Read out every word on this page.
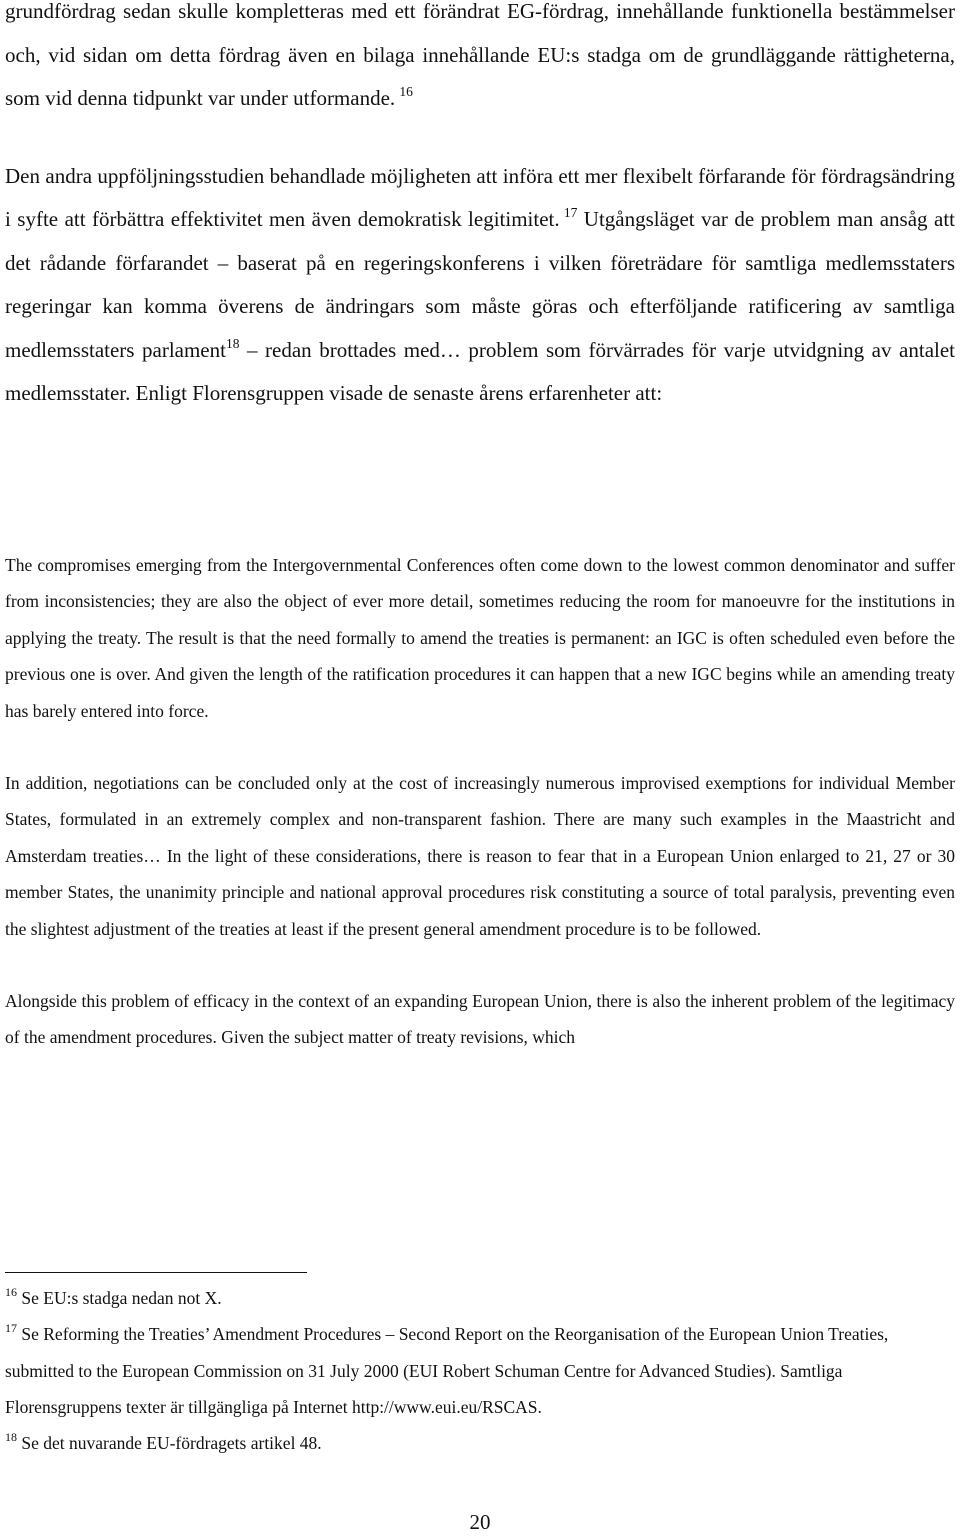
grundfördrag sedan skulle kompletteras med ett förändrat EG-fördrag, innehållande funktionella bestämmelser och, vid sidan om detta fördrag även en bilaga innehållande EU:s stadga om de grundläggande rättigheterna, som vid denna tidpunkt var under utformande.  $^{16}$

Den andra uppföljningsstudien behandlade möjligheten att införa ett mer flexibelt förfarande för fördragsändring i syfte att förbättra effektivitet men även demokratisk legitimitet.  $^{17}$ Utgångsläget var de problem man ansåg att det rådande förfarandet – baserat på en regeringskonferens i vilken företrädare för samtliga medlemsstaters regeringar kan komma överens de ändringars som måste göras och efterföljande ratificering av samtliga medlemsstaters parlament$^{18}$ – redan brottades med… problem som förvärrades för varje utvidgning av antalet medlemsstater. Enligt Florensgruppen visade de senaste årens erfarenheter att:

The compromises emerging from the Intergovernmental Conferences often come down to the lowest common denominator and suffer from inconsistencies; they are also the object of ever more detail, sometimes reducing the room for manoeuvre for the institutions in applying the treaty. The result is that the need formally to amend the treaties is permanent: an IGC is often scheduled even before the previous one is over. And given the length of the ratification procedures it can happen that a new IGC begins while an amending treaty has barely entered into force.

In addition, negotiations can be concluded only at the cost of increasingly numerous improvised exemptions for individual Member States, formulated in an extremely complex and non-transparent fashion. There are many such examples in the Maastricht and Amsterdam treaties… In the light of these considerations, there is reason to fear that in a European Union enlarged to 21, 27 or 30 member States, the unanimity principle and national approval procedures risk constituting a source of total paralysis, preventing even the slightest adjustment of the treaties at least if the present general amendment procedure is to be followed.

Alongside this problem of efficacy in the context of an expanding European Union, there is also the inherent problem of the legitimacy of the amendment procedures. Given the subject matter of treaty revisions, which

$^{16}$ Se EU:s stadga nedan not X.

$^{17}$ Se Reforming the Treaties’ Amendment Procedures – Second Report on the Reorganisation of the European Union Treaties, submitted to the European Commission on 31 July 2000 (EUI Robert Schuman Centre for Advanced Studies). Samtliga Florensgruppens texter är tillgängliga på Internet http://www.eui.eu/RSCAS.

$^{18}$ Se det nuvarande EU-fördragets artikel 48.

20
